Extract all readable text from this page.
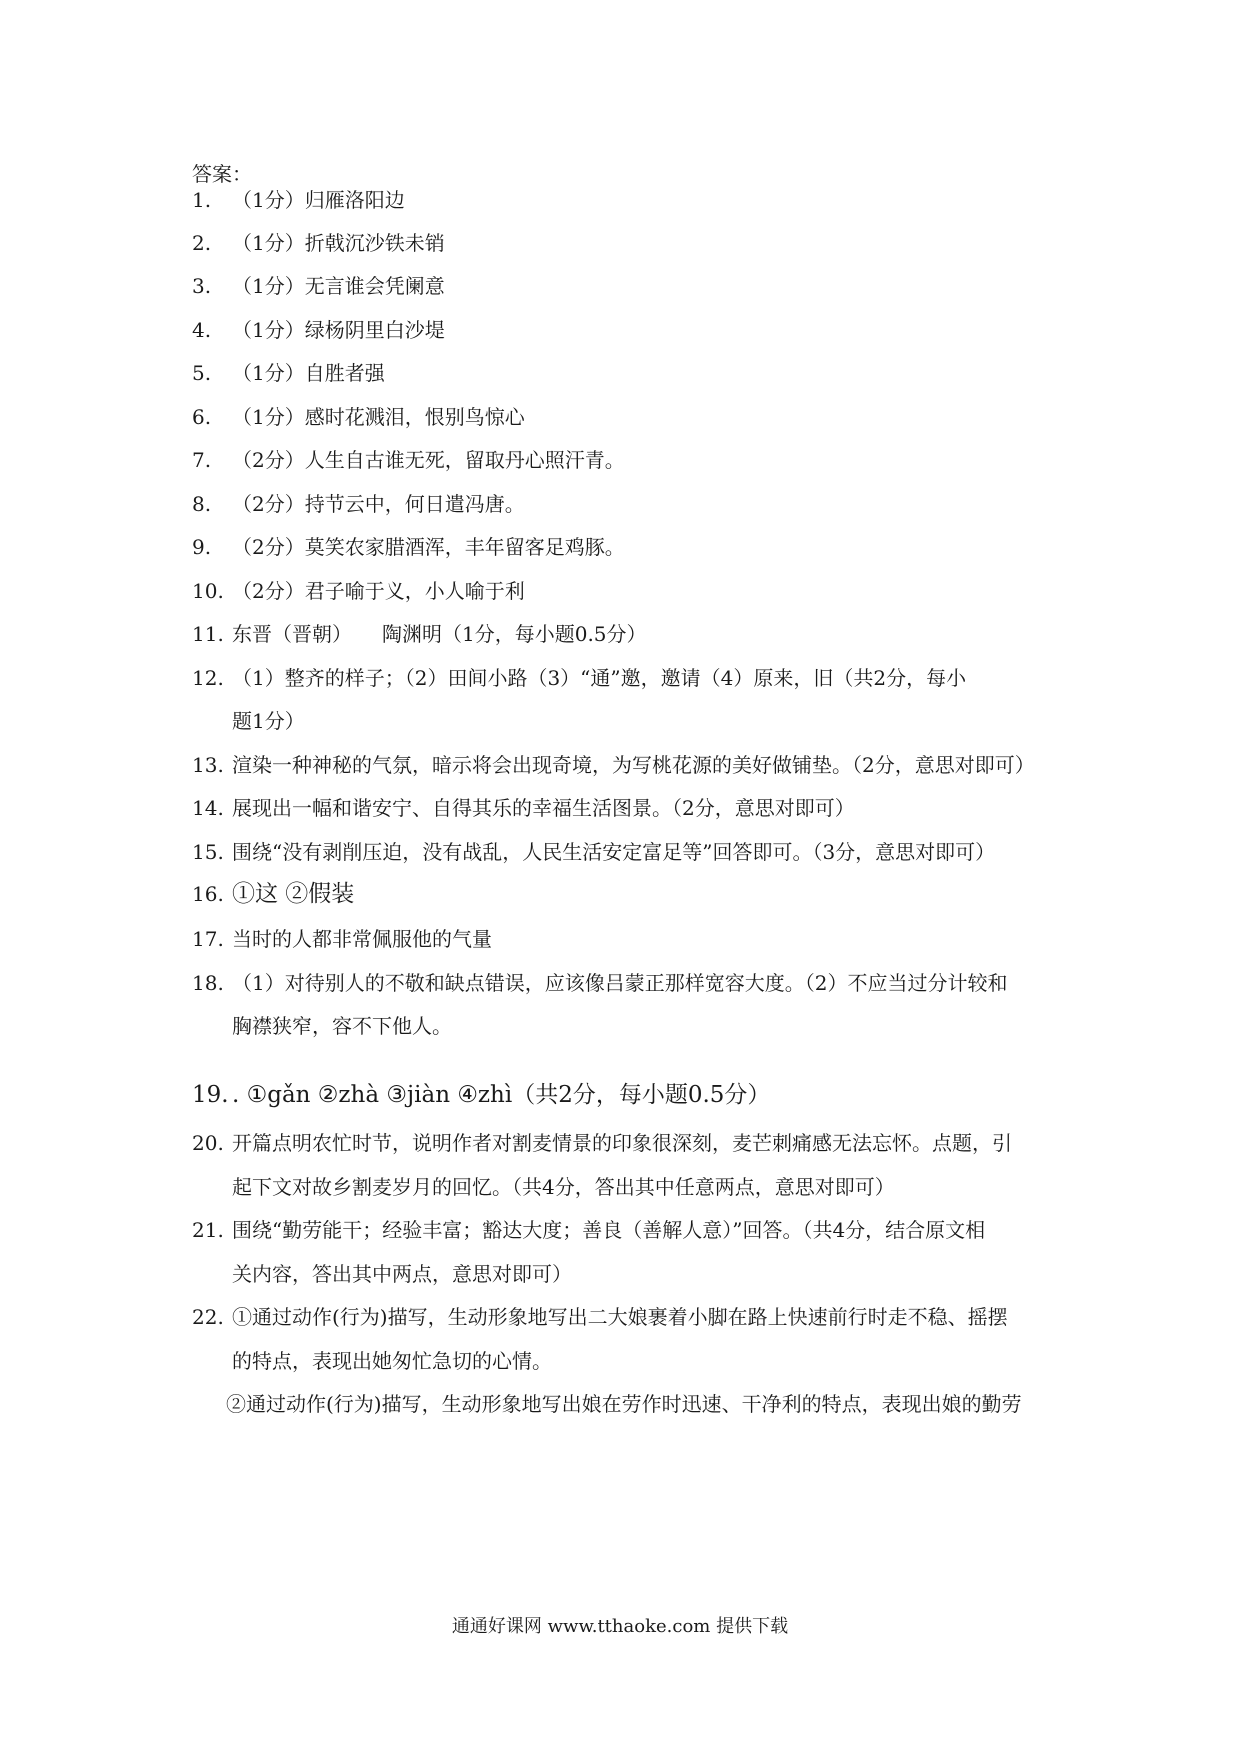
答案：
1. （1分）归雁洛阳边
2. （1分）折戟沉沙铁未销
3. （1分）无言谁会凭阑意
4. （1分）绿杨阴里白沙堤
5. （1分）自胜者强
6. （1分）感时花溅泪，恨别鸟惊心
7. （2分）人生自古谁无死，留取丹心照汗青。
8. （2分）持节云中，何日遣冯唐。
9. （2分）莫笑农家腊酒浑，丰年留客足鸡豚。
10. （2分）君子喻于义，小人喻于利
11. 东晋（晋朝）　　陶渊明（1分，每小题0.5分）
12. （1）整齐的样子；（2）田间小路（3）“通”邀，邀请（4）原来，旧（共2分，每小
题1分）
13. 渲染一种神秘的气氛，暗示将会出现奇境，为写桃花源的美好做铺垫。（2分，意思对即可）
14. 展现出一幅和谐安宁、自得其乐的幸福生活图景。（2分，意思对即可）
15. 围绕“没有剥削压迫，没有战乱，人民生活安定富足等”回答即可。（3分，意思对即可）
16. ①这 ②假装
17. 当时的人都非常佩服他的气量
18. （1）对待别人的不敬和缺点错误，应该像吕蒙正那样宽容大度。（2）不应当过分计较和
胸襟狭窄，容不下他人。
19. . ①gǎn ②zhà ③jiàn ④zhì（共2分，每小题0.5分）
20. 开篇点明农忙时节，说明作者对割麦情景的印象很深刻，麦芒刺痛感无法忘怀。点题，引
起下文对故乡割麦岁月的回忆。（共4分，答出其中任意两点，意思对即可）
21. 围绕“勤劳能干；经验丰富；豁达大度；善良（善解人意）”回答。（共4分，结合原文相
关内容，答出其中两点，意思对即可）
22. ①通过动作(行为)描写，生动形象地写出二大娘裹着小脚在路上快速前行时走不稳、摇摆
的特点，表现出她匆忙急切的心情。
②通过动作(行为)描写，生动形象地写出娘在劳作时迅速、干净利的特点，表现出娘的勤劳
通通好课网 www.tthaoke.com 提供下载
